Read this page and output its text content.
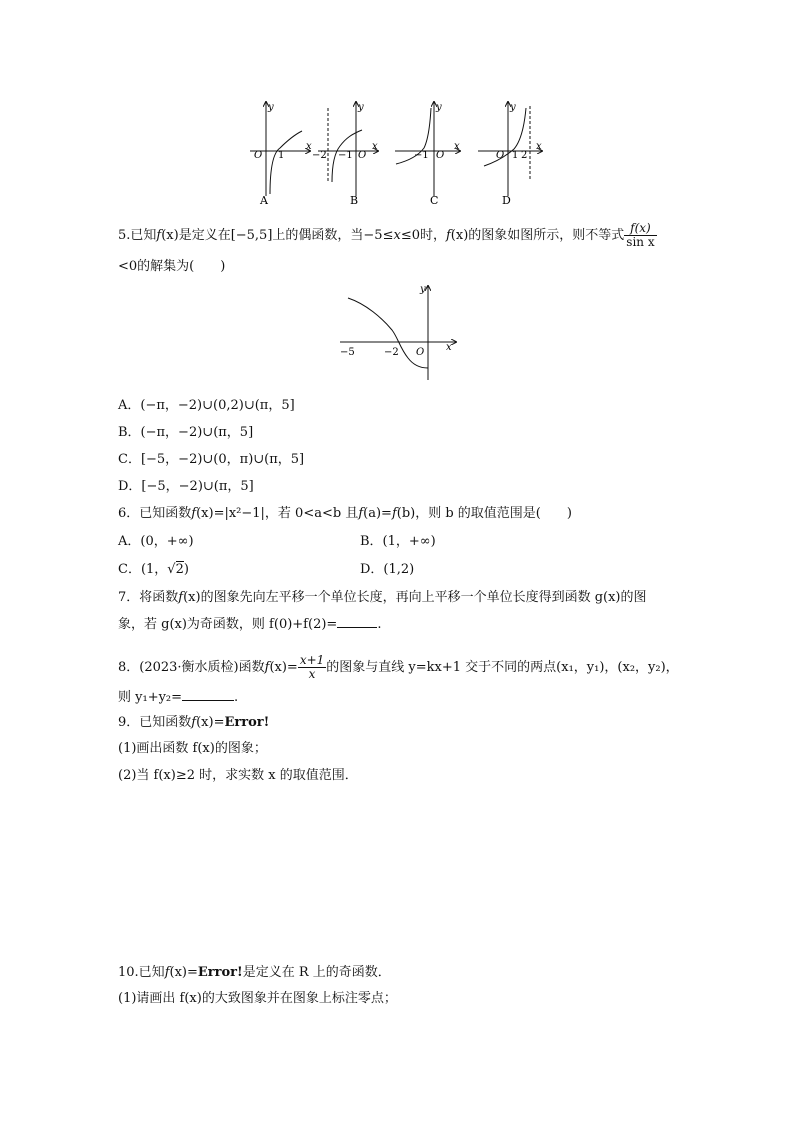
y
x
O 1
A
y
x
−2 −1 O
B
y
x
−1 O
C
y
x
O 1 2
D
5.已知f(x)是定义在[−5,5]上的偶函数，当−5≤x≤0时，f(x)的图象如图所示，则不等式 $\frac{f(x)}{\text{sin x}}$
<0的解集为(　　)
y
x
−5	−2 O
A．(−π，−2)∪(0,2)∪(π，5]
B．(−π，−2)∪(π，5]
C．[−5，−2)∪(0，π)∪(π，5]
D．[−5，−2)∪(π，5]
6．已知函数f(x)=|x²−1|，若 0<a<b 且f(a)=f(b)，则 b 的取值范围是(　　)
A．(0，+∞)	B．(1，+∞)
C．(1，√2)	D．(1,2)
7．将函数f(x)的图象先向左平移一个单位长度，再向上平移一个单位长度得到函数 g(x)的图
象，若 g(x)为奇函数，则 f(0)+f(2)=	.
8．(2023·衡水质检)函数$f(x)= \frac{x+1}{x}$ 的图象与直线 y=kx+1 交于不同的两点(x₁，y₁)，(x₂，y₂)，
则 y₁+y₂=	.
9．已知函数f(x)=Error!
(1)画出函数 f(x)的图象；
(2)当 f(x)≥2 时，求实数 x 的取值范围．
10.已知f(x)=Error!是定义在 R 上的奇函数．
(1)请画出 f(x)的大致图象并在图象上标注零点；
